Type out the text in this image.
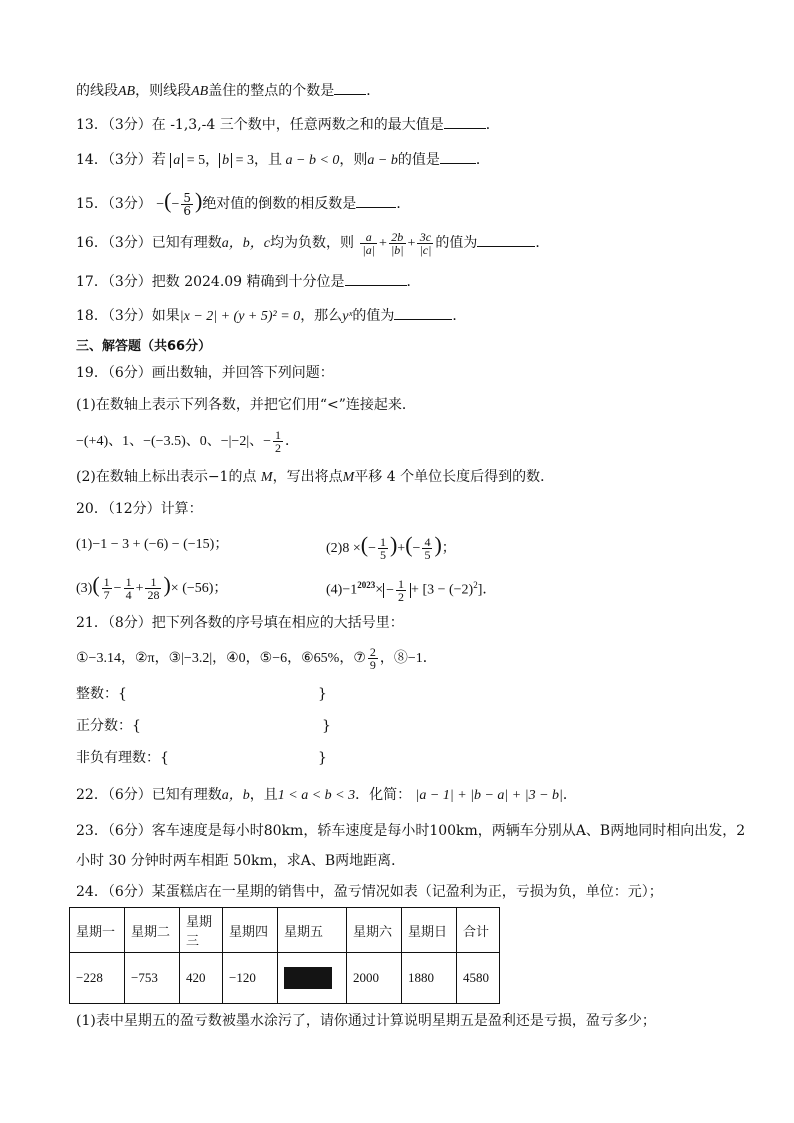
的线段AB，则线段AB盖住的整点的个数是 ．
13．（3分）在 -1,3,-4 三个数中，任意两数之和的最大值是	．
14．（3分）若 a = 5， b = 3，且 a − b < 0，则a − b的值是	．
15．（3分） −(− $\frac{5}{6}$ )绝对值的倒数的相反数是	．
16．（3分）已知有理数a，b，c均为负数，则 $\frac{a}{|a|} + \frac{2b}{|b|} + \frac{3c}{|c|}$ 的值为	．
17．（3分）把数 2024.09 精确到十分位是	．
18．（3分）如果|x − 2| + (y + 5)² = 0，那么yˣ的值为	．
三、解答题（共66分）
19．（6分）画出数轴，并回答下列问题：
(1)在数轴上表示下列各数，并把它们用“<”连接起来．
−(+4)、1、−(−3.5)、0、−|−2|、− $\frac{1}{2}$ ．
(2)在数轴上标出表示−1的点 M，写出将点M平移 4 个单位长度后得到的数．
20．（12分）计算：
(1)−1 − 3 + (−6) − (−15)；	(2)8 ×(− $\frac{1}{5}$ )+(− $\frac{4}{5}$ )；
$(3)( \frac{1}{7} - \frac{1}{4} + \frac{1}{28}$ )× (−56)；	$(4)-1^{2023}\times - \frac{1}{2} + [3 - (-2)^2]$．
21．（8分）把下列各数的序号填在相应的大括号里：
①−3.14，②π，③|−3.2|，④0，⑤−6，⑥65%，⑦ $\frac{2}{9}$ ，⑧−1．
整数：{	}
正分数：{	}
非负有理数：{	}
22．（6分）已知有理数a，b，且1 < a < b < 3．化简： |a − 1| + |b − a| + |3 − b|．
23．（6分）客车速度是每小时80km，轿车速度是每小时100km，两辆车分别从A、B两地同时相向出发，2
小时 30 分钟时两车相距 50km，求A、B两地距离．
24．（6分）某蛋糕店在一星期的销售中，盈亏情况如表（记盈利为正，亏损为负，单位：元）；
星期一	星期二	星期三	星期四	星期五	星期六	星期日	合计
−228	−753	420	−120		2000	1880	4580
(1)表中星期五的盈亏数被墨水涂污了，请你通过计算说明星期五是盈利还是亏损，盈亏多少；
